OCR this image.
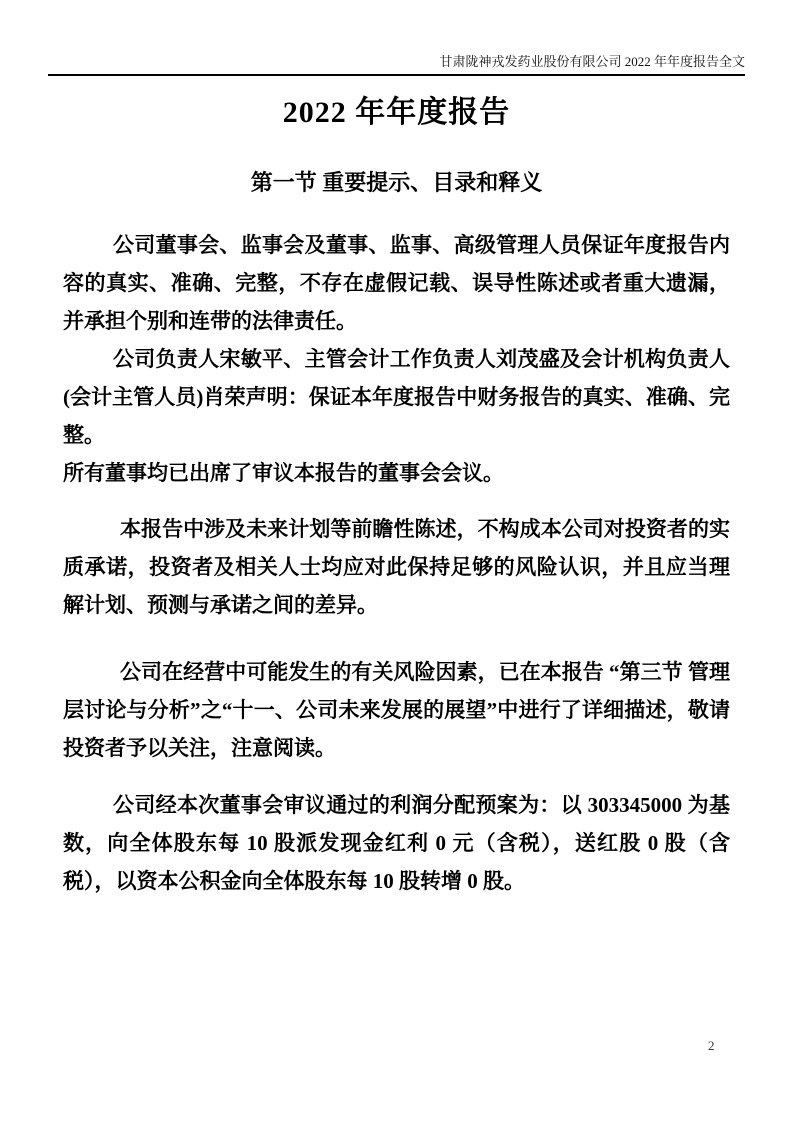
甘肃陇神戎发药业股份有限公司 2022 年年度报告全文
2022 年年度报告
第一节 重要提示、目录和释义

公司董事会、监事会及董事、监事、高级管理人员保证年度报告内容的真实、准确、完整，不存在虚假记载、误导性陈述或者重大遗漏，并承担个别和连带的法律责任。

公司负责人宋敏平、主管会计工作负责人刘茂盛及会计机构负责人(会计主管人员)肖荣声明：保证本年度报告中财务报告的真实、准确、完整。

所有董事均已出席了审议本报告的董事会会议。

本报告中涉及未来计划等前瞻性陈述，不构成本公司对投资者的实质承诺，投资者及相关人士均应对此保持足够的风险认识，并且应当理解计划、预测与承诺之间的差异。

公司在经营中可能发生的有关风险因素，已在本报告 “第三节 管理层讨论与分析”之“十一、公司未来发展的展望”中进行了详细描述，敬请投资者予以关注，注意阅读。

公司经本次董事会审议通过的利润分配预案为：以 303345000 为基数，向全体股东每 10 股派发现金红利 0 元（含税），送红股 0 股（含税），以资本公积金向全体股东每 10 股转增 0 股。

2
